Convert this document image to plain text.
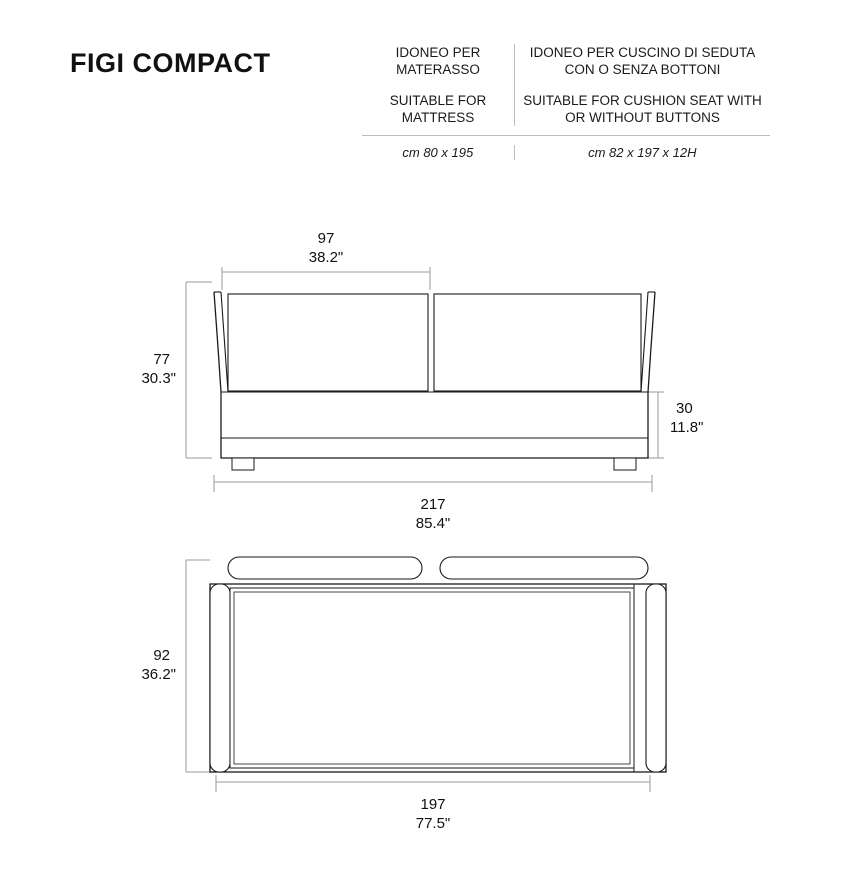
FIGI COMPACT	IDONEO PER MATERASSO
SUITABLE FOR MATTRESS
IDONEO PER CUSCINO DI SEDUTA CON O SENZA BOTTONI
SUITABLE FOR CUSHION SEAT WITH OR WITHOUT BUTTONS
cm 80 x 195	cm 82 x 197 x 12H
97
38.2"
77
30.3"
30
11.8"
217
85.4"
92
36.2"
197
77.5"
